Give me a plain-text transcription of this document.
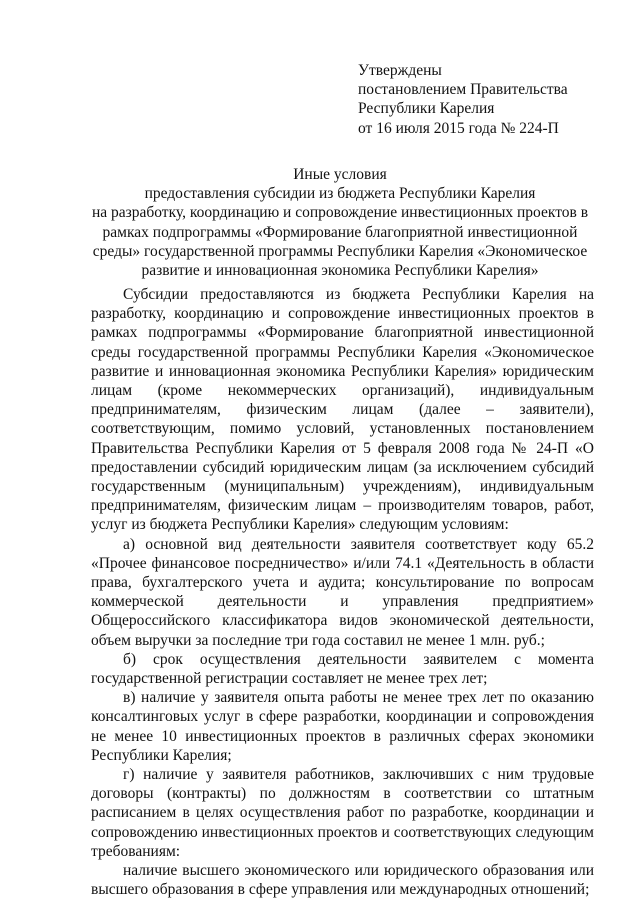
Утверждены
постановлением Правительства
Республики Карелия
от 16 июля 2015 года № 224-П
Иные условия
предоставления субсидии из бюджета Республики Карелия
на разработку, координацию и сопровождение инвестиционных проектов в
рамках подпрограммы «Формирование благоприятной инвестиционной
среды» государственной программы Республики Карелия «Экономическое
развитие и инновационная экономика Республики Карелия»

Субсидии предоставляются из бюджета Республики Карелия на разработку, координацию и сопровождение инвестиционных проектов в рамках подпрограммы «Формирование благоприятной инвестиционной среды государственной программы Республики Карелия «Экономическое развитие и инновационная экономика Республики Карелия» юридическим лицам (кроме некоммерческих организаций), индивидуальным предпринимателям, физическим лицам (далее – заявители), соответствующим, помимо условий, установленных постановлением Правительства Республики Карелия от 5 февраля 2008 года № 24-П «О предоставлении субсидий юридическим лицам (за исключением субсидий государственным (муниципальным) учреждениям), индивидуальным предпринимателям, физическим лицам – производителям товаров, работ, услуг из бюджета Республики Карелия» следующим условиям:

а) основной вид деятельности заявителя соответствует коду 65.2 «Прочее финансовое посредничество» и/или 74.1 «Деятельность в области права, бухгалтерского учета и аудита; консультирование по вопросам коммерческой деятельности и управления предприятием» Общероссийского классификатора видов экономической деятельности, объем выручки за последние три года составил не менее 1 млн. руб.;

б) срок осуществления деятельности заявителем с момента государственной регистрации составляет не менее трех лет;

в) наличие у заявителя опыта работы не менее трех лет по оказанию консалтинговых услуг в сфере разработки, координации и сопровождения не менее 10 инвестиционных проектов в различных сферах экономики Республики Карелия;

г) наличие у заявителя работников, заключивших с ним трудовые договоры (контракты) по должностям в соответствии со штатным расписанием в целях осуществления работ по разработке, координации и сопровождению инвестиционных проектов и соответствующих следующим требованиям:

наличие высшего экономического или юридического образования или высшего образования в сфере управления или международных отношений;
